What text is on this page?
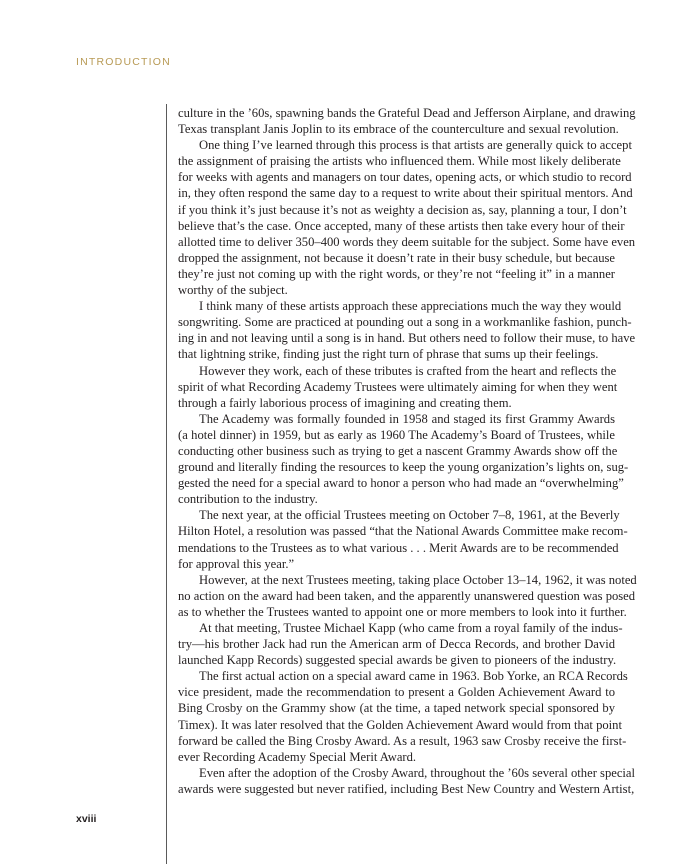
INTRODUCTION
culture in the ’60s, spawning bands the Grateful Dead and Jefferson Airplane, and drawing
Texas transplant Janis Joplin to its embrace of the counterculture and sexual revolution.
One thing I’ve learned through this process is that artists are generally quick to accept
the assignment of praising the artists who influenced them. While most likely deliberate
for weeks with agents and managers on tour dates, opening acts, or which studio to record
in, they often respond the same day to a request to write about their spiritual mentors. And
if you think it’s just because it’s not as weighty a decision as, say, planning a tour, I don’t
believe that’s the case. Once accepted, many of these artists then take every hour of their
allotted time to deliver 350–400 words they deem suitable for the subject. Some have even
dropped the assignment, not because it doesn’t rate in their busy schedule, but because
they’re just not coming up with the right words, or they’re not “feeling it” in a manner
worthy of the subject.
I think many of these artists approach these appreciations much the way they would
songwriting. Some are practiced at pounding out a song in a workmanlike fashion, punch-
ing in and not leaving until a song is in hand. But others need to follow their muse, to have
that lightning strike, finding just the right turn of phrase that sums up their feelings.
However they work, each of these tributes is crafted from the heart and reflects the
spirit of what Recording Academy Trustees were ultimately aiming for when they went
through a fairly laborious process of imagining and creating them.
The Academy was formally founded in 1958 and staged its first Grammy Awards
(a hotel dinner) in 1959, but as early as 1960 The Academy’s Board of Trustees, while
conducting other business such as trying to get a nascent Grammy Awards show off the
ground and literally finding the resources to keep the young organization’s lights on, sug-
gested the need for a special award to honor a person who had made an “overwhelming”
contribution to the industry.
The next year, at the official Trustees meeting on October 7–8, 1961, at the Beverly
Hilton Hotel, a resolution was passed “that the National Awards Committee make recom-
mendations to the Trustees as to what various . . . Merit Awards are to be recommended
for approval this year.”
However, at the next Trustees meeting, taking place October 13–14, 1962, it was noted
no action on the award had been taken, and the apparently unanswered question was posed
as to whether the Trustees wanted to appoint one or more members to look into it further.
At that meeting, Trustee Michael Kapp (who came from a royal family of the indus-
try—his brother Jack had run the American arm of Decca Records, and brother David
launched Kapp Records) suggested special awards be given to pioneers of the industry.
The first actual action on a special award came in 1963. Bob Yorke, an RCA Records
vice president, made the recommendation to present a Golden Achievement Award to
Bing Crosby on the Grammy show (at the time, a taped network special sponsored by
Timex). It was later resolved that the Golden Achievement Award would from that point
forward be called the Bing Crosby Award. As a result, 1963 saw Crosby receive the first-
ever Recording Academy Special Merit Award.
Even after the adoption of the Crosby Award, throughout the ’60s several other special
awards were suggested but never ratified, including Best New Country and Western Artist,
xviii
